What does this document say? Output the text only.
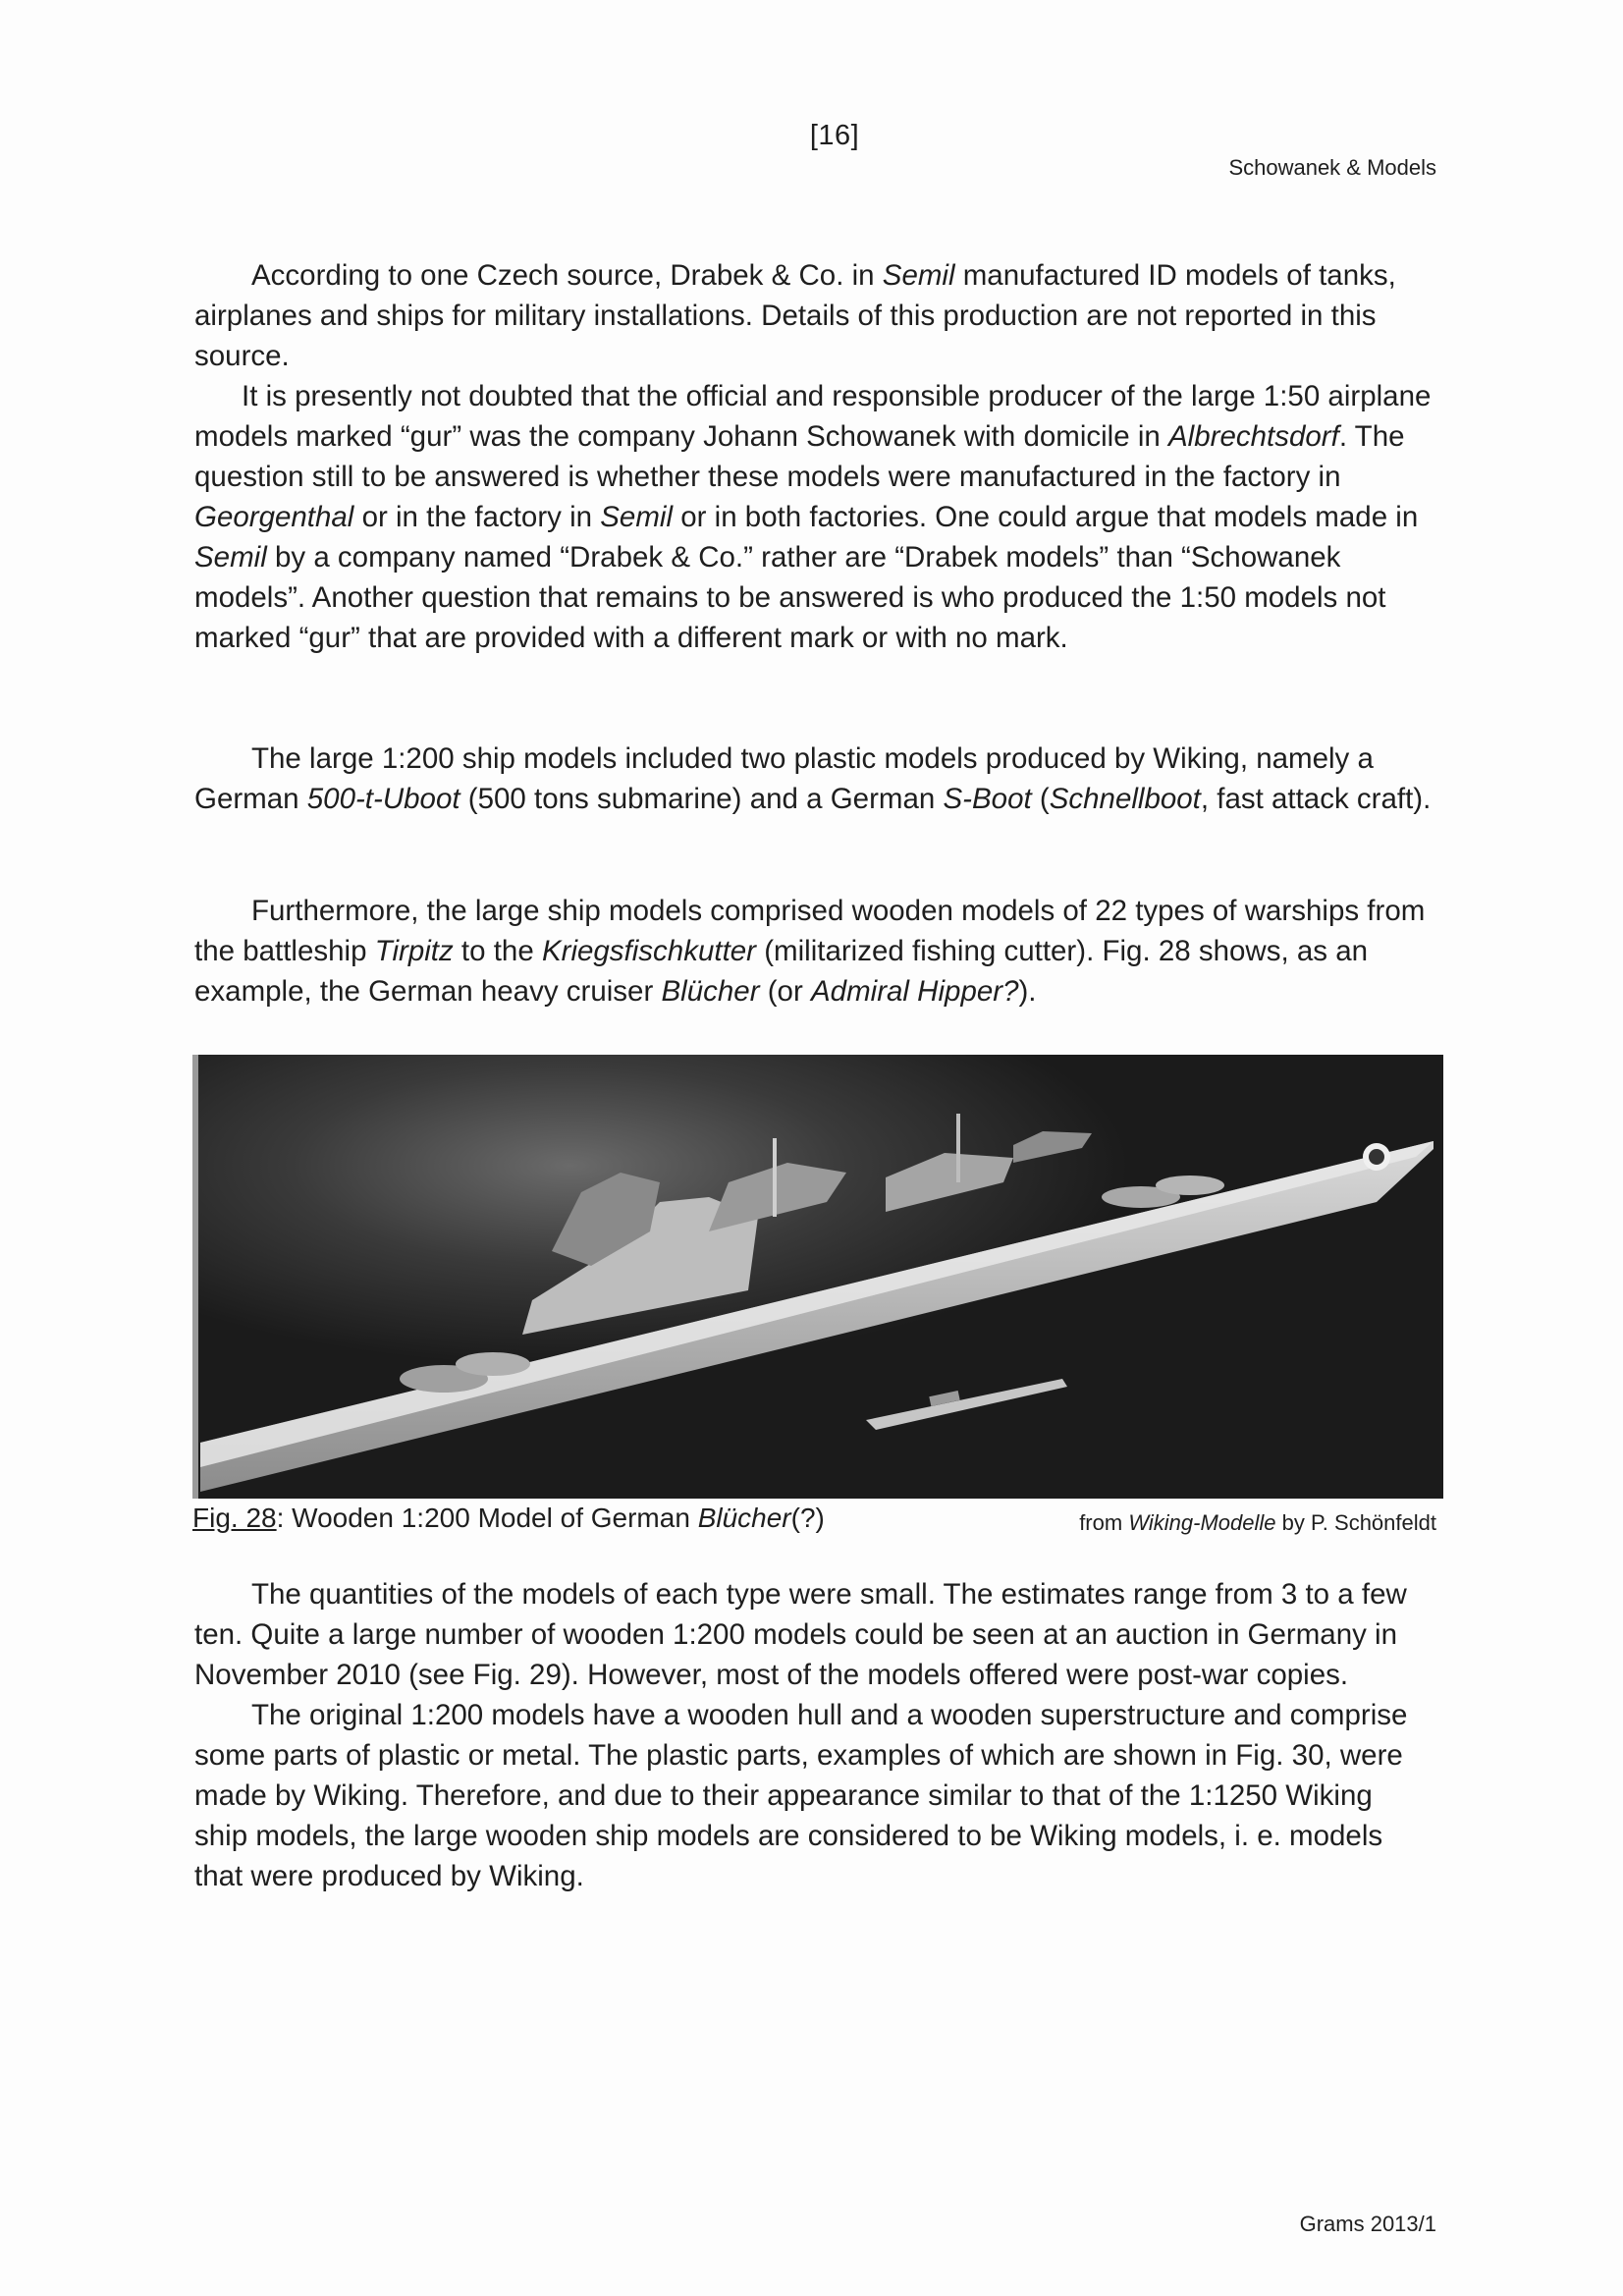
[16]
Schowanek & Models

According to one Czech source, Drabek & Co. in Semil manufactured ID models of tanks, airplanes and ships for military installations. Details of this production are not reported in this source.

It is presently not doubted that the official and responsible producer of the large 1:50 airplane models marked “gur” was the company Johann Schowanek with domicile in Albrechtsdorf. The question still to be answered is whether these models were manufactured in the factory in Georgenthal or in the factory in Semil or in both factories. One could argue that models made in Semil by a company named “Drabek & Co.” rather are “Drabek models” than “Schowanek models”. Another question that remains to be answered is who produced the 1:50 models not marked “gur” that are provided with a different mark or with no mark.

The large 1:200 ship models included two plastic models produced by Wiking, namely a German 500-t-Uboot (500 tons submarine) and a German S-Boot (Schnellboot, fast attack craft).

Furthermore, the large ship models comprised wooden models of 22 types of warships from the battleship Tirpitz to the Kriegsfischkutter (militarized fishing cutter). Fig. 28 shows, as an example, the German heavy cruiser Blücher (or Admiral Hipper?).

Fig. 28: Wooden 1:200 Model of German Blücher(?)	from Wiking-Modelle by P. Schönfeldt

The quantities of the models of each type were small. The estimates range from 3 to a few ten. Quite a large number of wooden 1:200 models could be seen at an auction in Germany in November 2010 (see Fig. 29). However, most of the models offered were post-war copies.

The original 1:200 models have a wooden hull and a wooden superstructure and comprise some parts of plastic or metal. The plastic parts, examples of which are shown in Fig. 30, were made by Wiking. Therefore, and due to their appearance similar to that of the 1:1250 Wiking ship models, the large wooden ship models are considered to be Wiking models, i. e. models that were produced by Wiking.

Grams 2013/1
